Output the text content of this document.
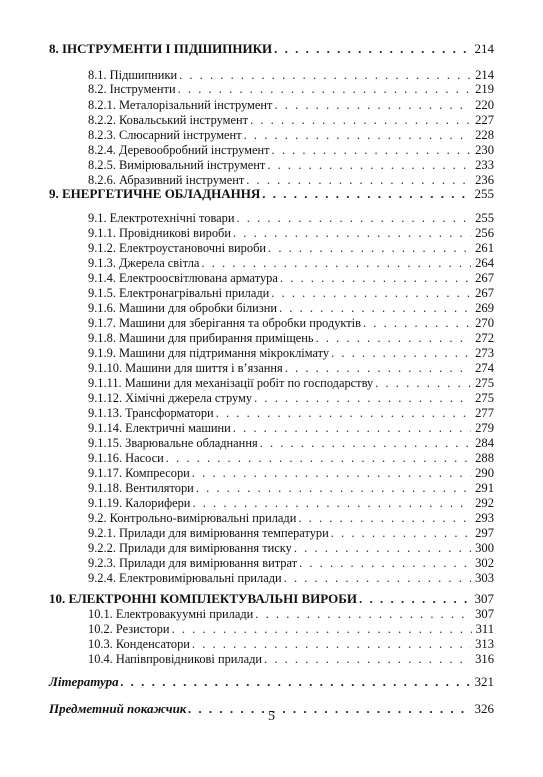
8. ІНСТРУМЕНТИ І ПІДШИПНИКИ . . .	214
8.1. Підшипники . . .	214
8.2. Інструменти . . .	219
8.2.1. Металорізальний інструмент . . .	220
8.2.2. Ковальський інструмент . . .	227
8.2.3. Слюсарний інструмент . . .	228
8.2.4. Деревообробний інструмент . . .	230
8.2.5. Вимірювальний інструмент . . .	233
8.2.6. Абразивний інструмент . . .	236
9. ЕНЕРГЕТИЧНЕ ОБЛАДНАННЯ . . .	255
9.1. Електротехнічні товари . . .	255
9.1.1. Провідникові вироби . . .	256
9.1.2. Електроустановочні вироби . . .	261
9.1.3. Джерела світла . . .	264
9.1.4. Електроосвітлювана арматура . . .	267
9.1.5. Електронагрівальні прилади . . .	267
9.1.6. Машини для обробки білизни . . .	269
9.1.7. Машини для зберігання та обробки продуктів . . .	270
9.1.8. Машини для прибирання приміщень . . .	272
9.1.9. Машини для підтримання мікроклімату . . .	273
9.1.10. Машини для шиття і в’язання . . .	274
9.1.11. Машини для механізації робіт по господарству . . .	275
9.1.12. Хімічні джерела струму . . .	275
9.1.13. Трансформатори . . .	277
9.1.14. Електричні машини . . .	279
9.1.15. Зварювальне обладнання . . .	284
9.1.16. Насоси . . .	288
9.1.17. Компресори . . .	290
9.1.18. Вентилятори . . .	291
9.1.19. Калорифери . . .	292
9.2. Контрольно-вимірювальні прилади . . .	293
9.2.1. Прилади для вимірювання температури . . .	297
9.2.2. Прилади для вимірювання тиску . . .	300
9.2.3. Прилади для вимірювання витрат . . .	302
9.2.4. Електровимірювальні прилади . . .	303
10. ЕЛЕКТРОННІ КОМПЛЕКТУВАЛЬНІ ВИРОБИ . . .	307
10.1. Електровакуумні прилади . . .	307
10.2. Резистори . . .	311
10.3. Конденсатори . . .	313
10.4. Напівпровідникові прилади . . .	316
Література . . .	321
Предметний покажчик . . .	326
5
